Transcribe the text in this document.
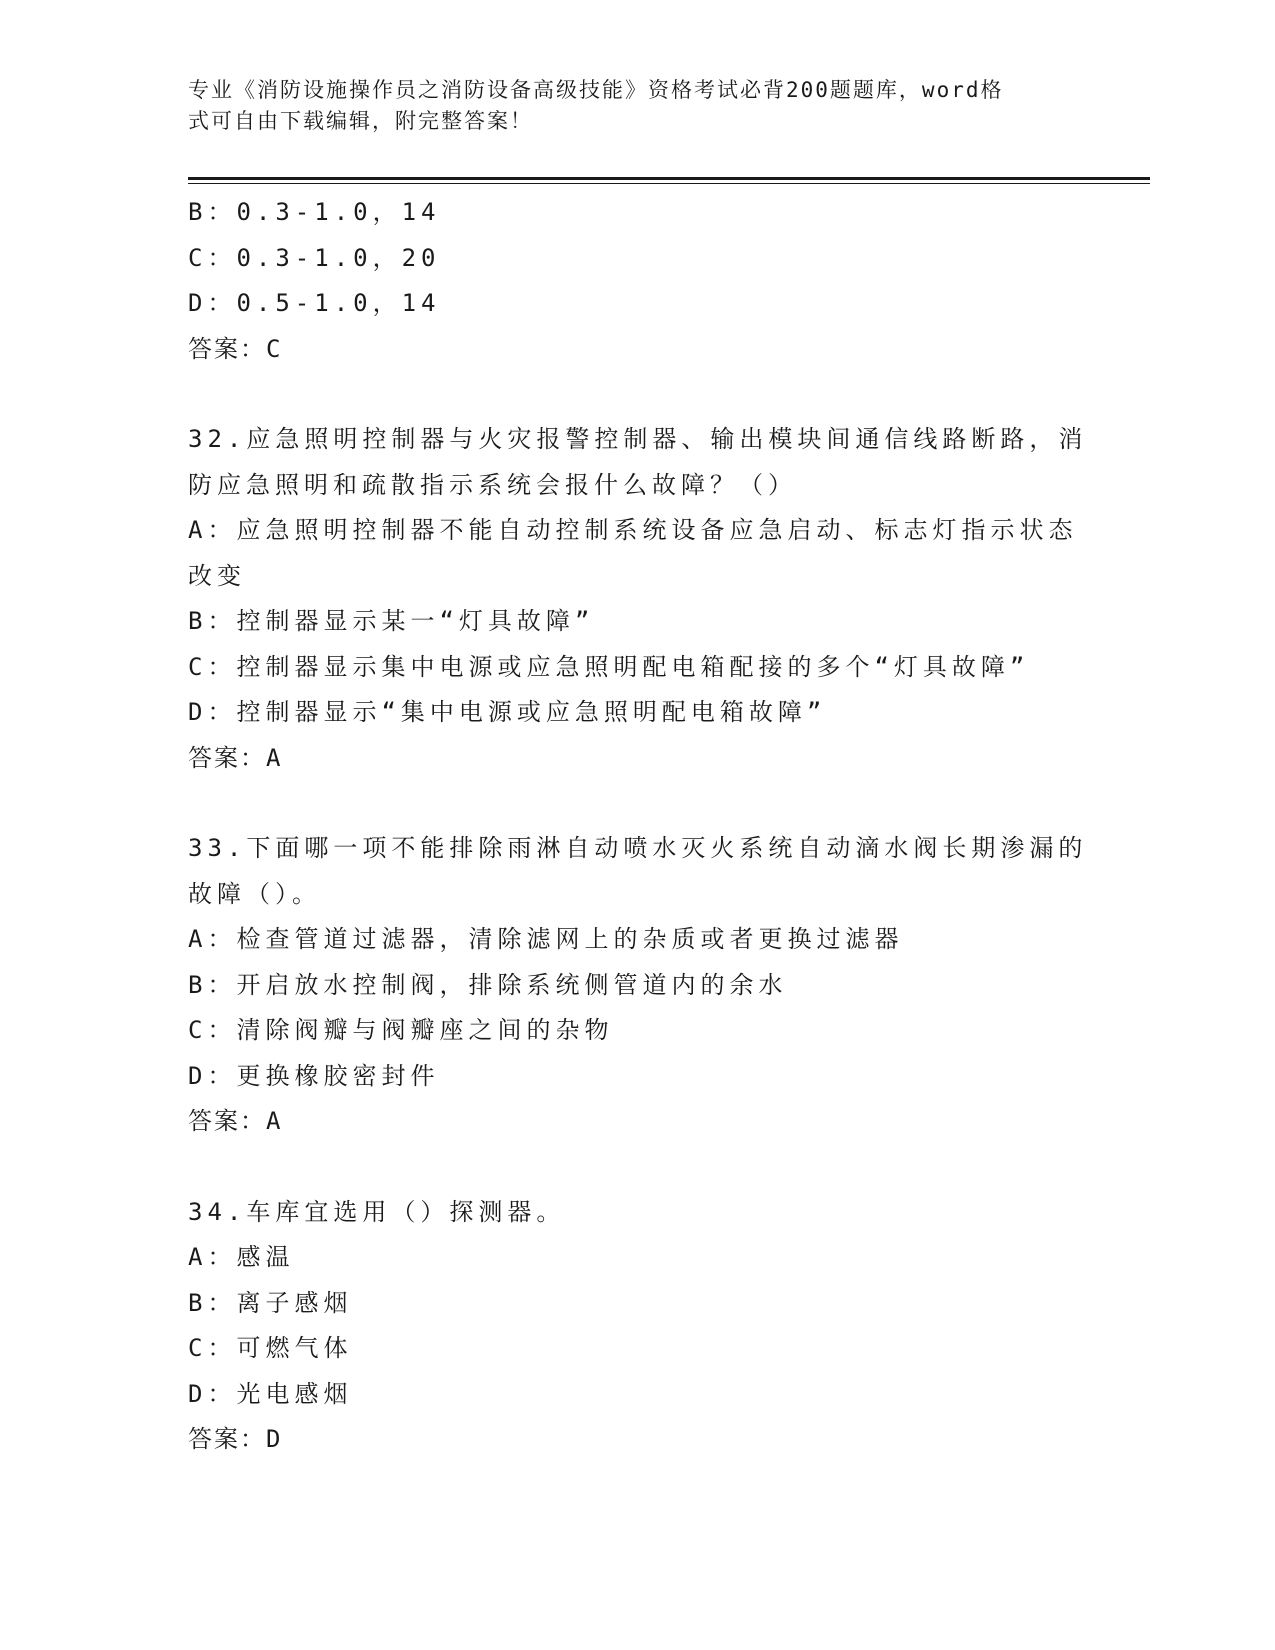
专业《消防设施操作员之消防设备高级技能》资格考试必背200题题库，word格
式可自由下载编辑，附完整答案！
B：0.3-1.0，14
C：0.3-1.0，20
D：0.5-1.0，14
答案：C
32.应急照明控制器与火灾报警控制器、输出模块间通信线路断路，消
防应急照明和疏散指示系统会报什么故障？（）
A：应急照明控制器不能自动控制系统设备应急启动、标志灯指示状态
改变
B：控制器显示某一“灯具故障”
C：控制器显示集中电源或应急照明配电箱配接的多个“灯具故障”
D：控制器显示“集中电源或应急照明配电箱故障”
答案：A
33.下面哪一项不能排除雨淋自动喷水灭火系统自动滴水阀长期渗漏的
故障（）。
A：检查管道过滤器，清除滤网上的杂质或者更换过滤器
B：开启放水控制阀，排除系统侧管道内的余水
C：清除阀瓣与阀瓣座之间的杂物
D：更换橡胶密封件
答案：A
34.车库宜选用（）探测器。
A：感温
B：离子感烟
C：可燃气体
D：光电感烟
答案：D
